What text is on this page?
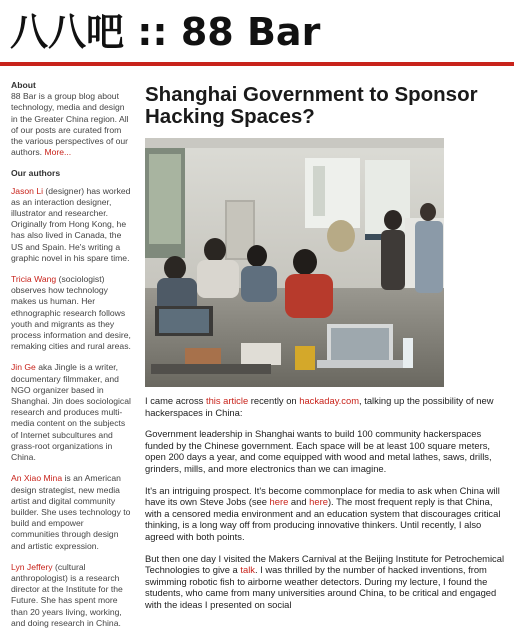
八八吧 :: 88 Bar
About
88 Bar is a group blog about technology, media and design in the Greater China region. All of our posts are curated from the various perspectives of our authors. More...
Our authors
Jason Li (designer) has worked as an interaction designer, illustrator and researcher. Originally from Hong Kong, he has also lived in Canada, the US and Spain. He's writing a graphic novel in his spare time.
Tricia Wang (sociologist) observes how technology makes us human. Her ethnographic research follows youth and migrants as they process information and desire, remaking cities and rural areas.
Jin Ge aka Jingle is a writer, documentary filmmaker, and NGO organizer based in Shanghai. Jin does sociological research and produces multi-media content on the subjects of Internet subcultures and grass-root organizations in China.
An Xiao Mina is an American design strategist, new media artist and digital community builder. She uses technology to build and empower communities through design and artistic expression.
Lyn Jeffery (cultural anthropologist) is a research director at the Institute for the Future. She has spent more than 20 years living, working, and doing research in China.
Shanghai Government to Sponsor Hacking Spaces?

I came across this article recently on hackaday.com, talking up the possibility of new hackerspaces in China:

Government leadership in Shanghai wants to build 100 community hackerspaces funded by the Chinese government. Each space will be at least 100 square meters, open 200 days a year, and come equipped with wood and metal lathes, saws, drills, grinders, mills, and more electronics than we can imagine.

It's an intriguing prospect. It's become commonplace for media to ask when China will have its own Steve Jobs (see here and here). The most frequent reply is that China, with a censored media environment and an education system that discourages critical thinking, is a long way off from producing innovative thinkers. Until recently, I also agreed with both points.

But then one day I visited the Makers Carnival at the Beijing Institute for Petrochemical Technologies to give a talk. I was thrilled by the number of hacked inventions, from swimming robotic fish to airborne weather detectors. During my lecture, I found the students, who came from many universities around China, to be critical and engaged with the ideas I presented on social
